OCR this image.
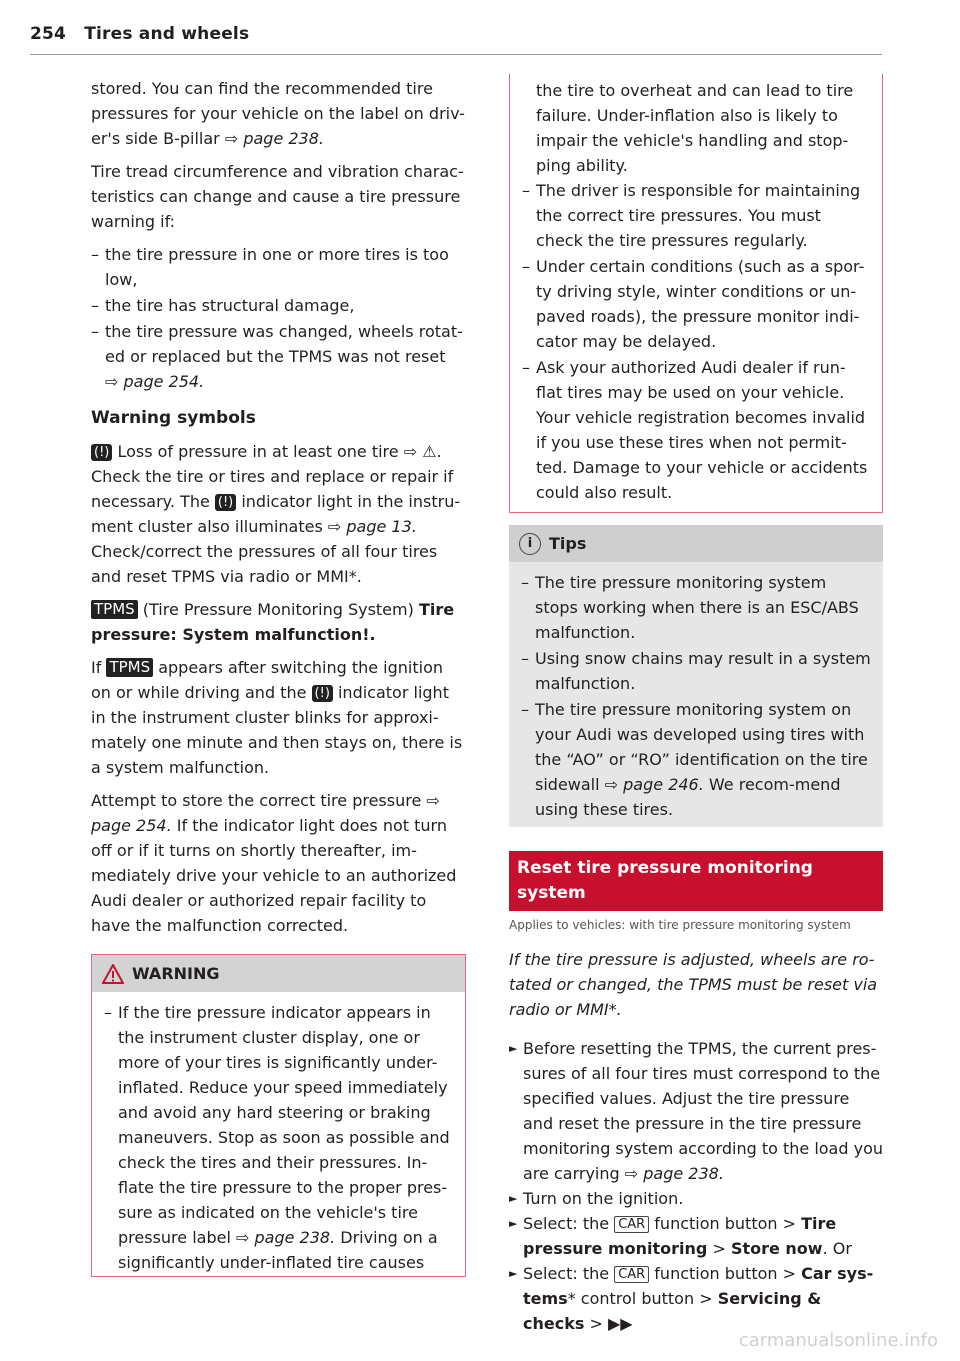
254 Tires and wheels

stored. You can find the recommended tire pressures for your vehicle on the label on driv-er's side B-pillar ⇨ page 238.

Tire tread circumference and vibration charac-teristics can change and cause a tire pressure warning if:

– the tire pressure in one or more tires is too low,
– the tire has structural damage,
– the tire pressure was changed, wheels rotat-ed or replaced but the TPMS was not reset
⇨ page 254.
Warning symbols

(!) Loss of pressure in at least one tire ⇨ ⚠. Check the tire or tires and replace or repair if necessary. The (!) indicator light in the instru-ment cluster also illuminates ⇨ page 13. Check/correct the pressures of all four tires and reset TPMS via radio or MMI*.

TPMS (Tire Pressure Monitoring System) Tire pressure: System malfunction!.

If TPMS appears after switching the ignition on or while driving and the (!) indicator light in the instrument cluster blinks for approxi-mately one minute and then stays on, there is a system malfunction.

Attempt to store the correct tire pressure ⇨ page 254. If the indicator light does not turn off or if it turns on shortly thereafter, im-mediately drive your vehicle to an authorized Audi dealer or authorized repair facility to have the malfunction corrected.

WARNING
– If the tire pressure indicator appears in the instrument cluster display, one or more of your tires is significantly under-inflated. Reduce your speed immediately and avoid any hard steering or braking maneuvers. Stop as soon as possible and check the tires and their pressures. In-flate the tire pressure to the proper pres-sure as indicated on the vehicle's tire pressure label ⇨ page 238. Driving on a significantly under-inflated tire causes
the tire to overheat and can lead to tire failure. Under-inflation also is likely to impair the vehicle's handling and stop-ping ability.
– The driver is responsible for maintaining the correct tire pressures. You must check the tire pressures regularly.
– Under certain conditions (such as a spor-ty driving style, winter conditions or un-paved roads), the pressure monitor indi-cator may be delayed.
– Ask your authorized Audi dealer if run-flat tires may be used on your vehicle. Your vehicle registration becomes invalid if you use these tires when not permit-ted. Damage to your vehicle or accidents could also result.
i	Tips
– The tire pressure monitoring system stops working when there is an ESC/ABS malfunction.
– Using snow chains may result in a system malfunction.
– The tire pressure monitoring system on your Audi was developed using tires with the “AO” or “RO” identification on the tire sidewall ⇨ page 246. We recom-mend using these tires.
Reset tire pressure monitoring system
Applies to vehicles: with tire pressure monitoring system

If the tire pressure is adjusted, wheels are ro-tated or changed, the TPMS must be reset via radio or MMI*.

► Before resetting the TPMS, the current pres-sures of all four tires must correspond to the specified values. Adjust the tire pressure and reset the pressure in the tire pressure monitoring system according to the load you are carrying ⇨ page 238.
► Turn on the ignition.
► Select: the CAR function button > Tire pressure monitoring > Store now. Or
► Select: the CAR function button > Car sys-tems* control button > Servicing & checks > ▶▶
carmanualsonline.info
